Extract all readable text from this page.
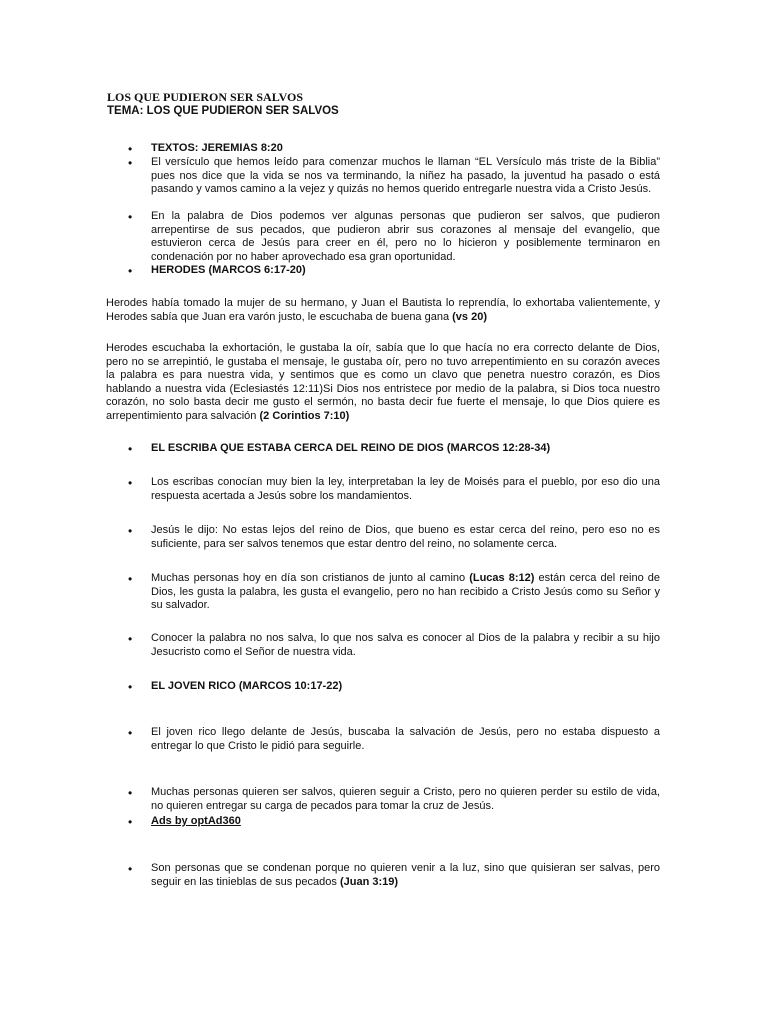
LOS QUE PUDIERON SER SALVOS
TEMA: LOS QUE PUDIERON SER SALVOS
•	TEXTOS: JEREMIAS 8:20
•	El versículo que hemos leído para comenzar muchos le llaman “EL Versículo más triste de la Biblia” pues nos dice que la vida se nos va terminando, la niñez ha pasado, la juventud ha pasado o está pasando y vamos camino a la vejez y quizás no hemos querido entregarle nuestra vida a Cristo Jesús.
•	En la palabra de Dios podemos ver algunas personas que pudieron ser salvos, que pudieron arrepentirse de sus pecados, que pudieron abrir sus corazones al mensaje del evangelio, que estuvieron cerca de Jesús para creer en él, pero no lo hicieron y posiblemente terminaron en condenación por no haber aprovechado esa gran oportunidad.
•	HERODES (MARCOS 6:17-20)
Herodes había tomado la mujer de su hermano, y Juan el Bautista lo reprendía, lo exhortaba valientemente, y Herodes sabía que Juan era varón justo, le escuchaba de buena gana (vs 20)
Herodes escuchaba la exhortación, le gustaba la oír, sabía que lo que hacía no era correcto delante de Dios, pero no se arrepintió, le gustaba el mensaje, le gustaba oír, pero no tuvo arrepentimiento en su corazón aveces la palabra es para nuestra vida, y sentimos que es como un clavo que penetra nuestro corazón, es Dios hablando a nuestra vida (Eclesiastés 12:11)Si Dios nos entristece por medio de la palabra, si Dios toca nuestro corazón, no solo basta decir me gusto el sermón, no basta decir fue fuerte el mensaje, lo que Dios quiere es arrepentimiento para salvación (2 Corintios 7:10)
•	EL ESCRIBA QUE ESTABA CERCA DEL REINO DE DIOS (MARCOS 12:28-34)
•	Los escribas conocían muy bien la ley, interpretaban la ley de Moisés para el pueblo, por eso dio una respuesta acertada a Jesús sobre los mandamientos.
•	Jesús le dijo: No estas lejos del reino de Dios, que bueno es estar cerca del reino, pero eso no es suficiente, para ser salvos tenemos que estar dentro del reino, no solamente cerca.
•	Muchas personas hoy en día son cristianos de junto al camino (Lucas 8:12) están cerca del reino de Dios, les gusta la palabra, les gusta el evangelio, pero no han recibido a Cristo Jesús como su Señor y su salvador.
•	Conocer la palabra no nos salva, lo que nos salva es conocer al Dios de la palabra y recibir a su hijo Jesucristo como el Señor de nuestra vida.
•	EL JOVEN RICO (MARCOS 10:17-22)
•	El joven rico llego delante de Jesús, buscaba la salvación de Jesús, pero no estaba dispuesto a entregar lo que Cristo le pidió para seguirle.
•	Muchas personas quieren ser salvos, quieren seguir a Cristo, pero no quieren perder su estilo de vida, no quieren entregar su carga de pecados para tomar la cruz de Jesús.
•	Ads by optAd360
•	Son personas que se condenan porque no quieren venir a la luz, sino que quisieran ser salvas, pero seguir en las tinieblas de sus pecados (Juan 3:19)
